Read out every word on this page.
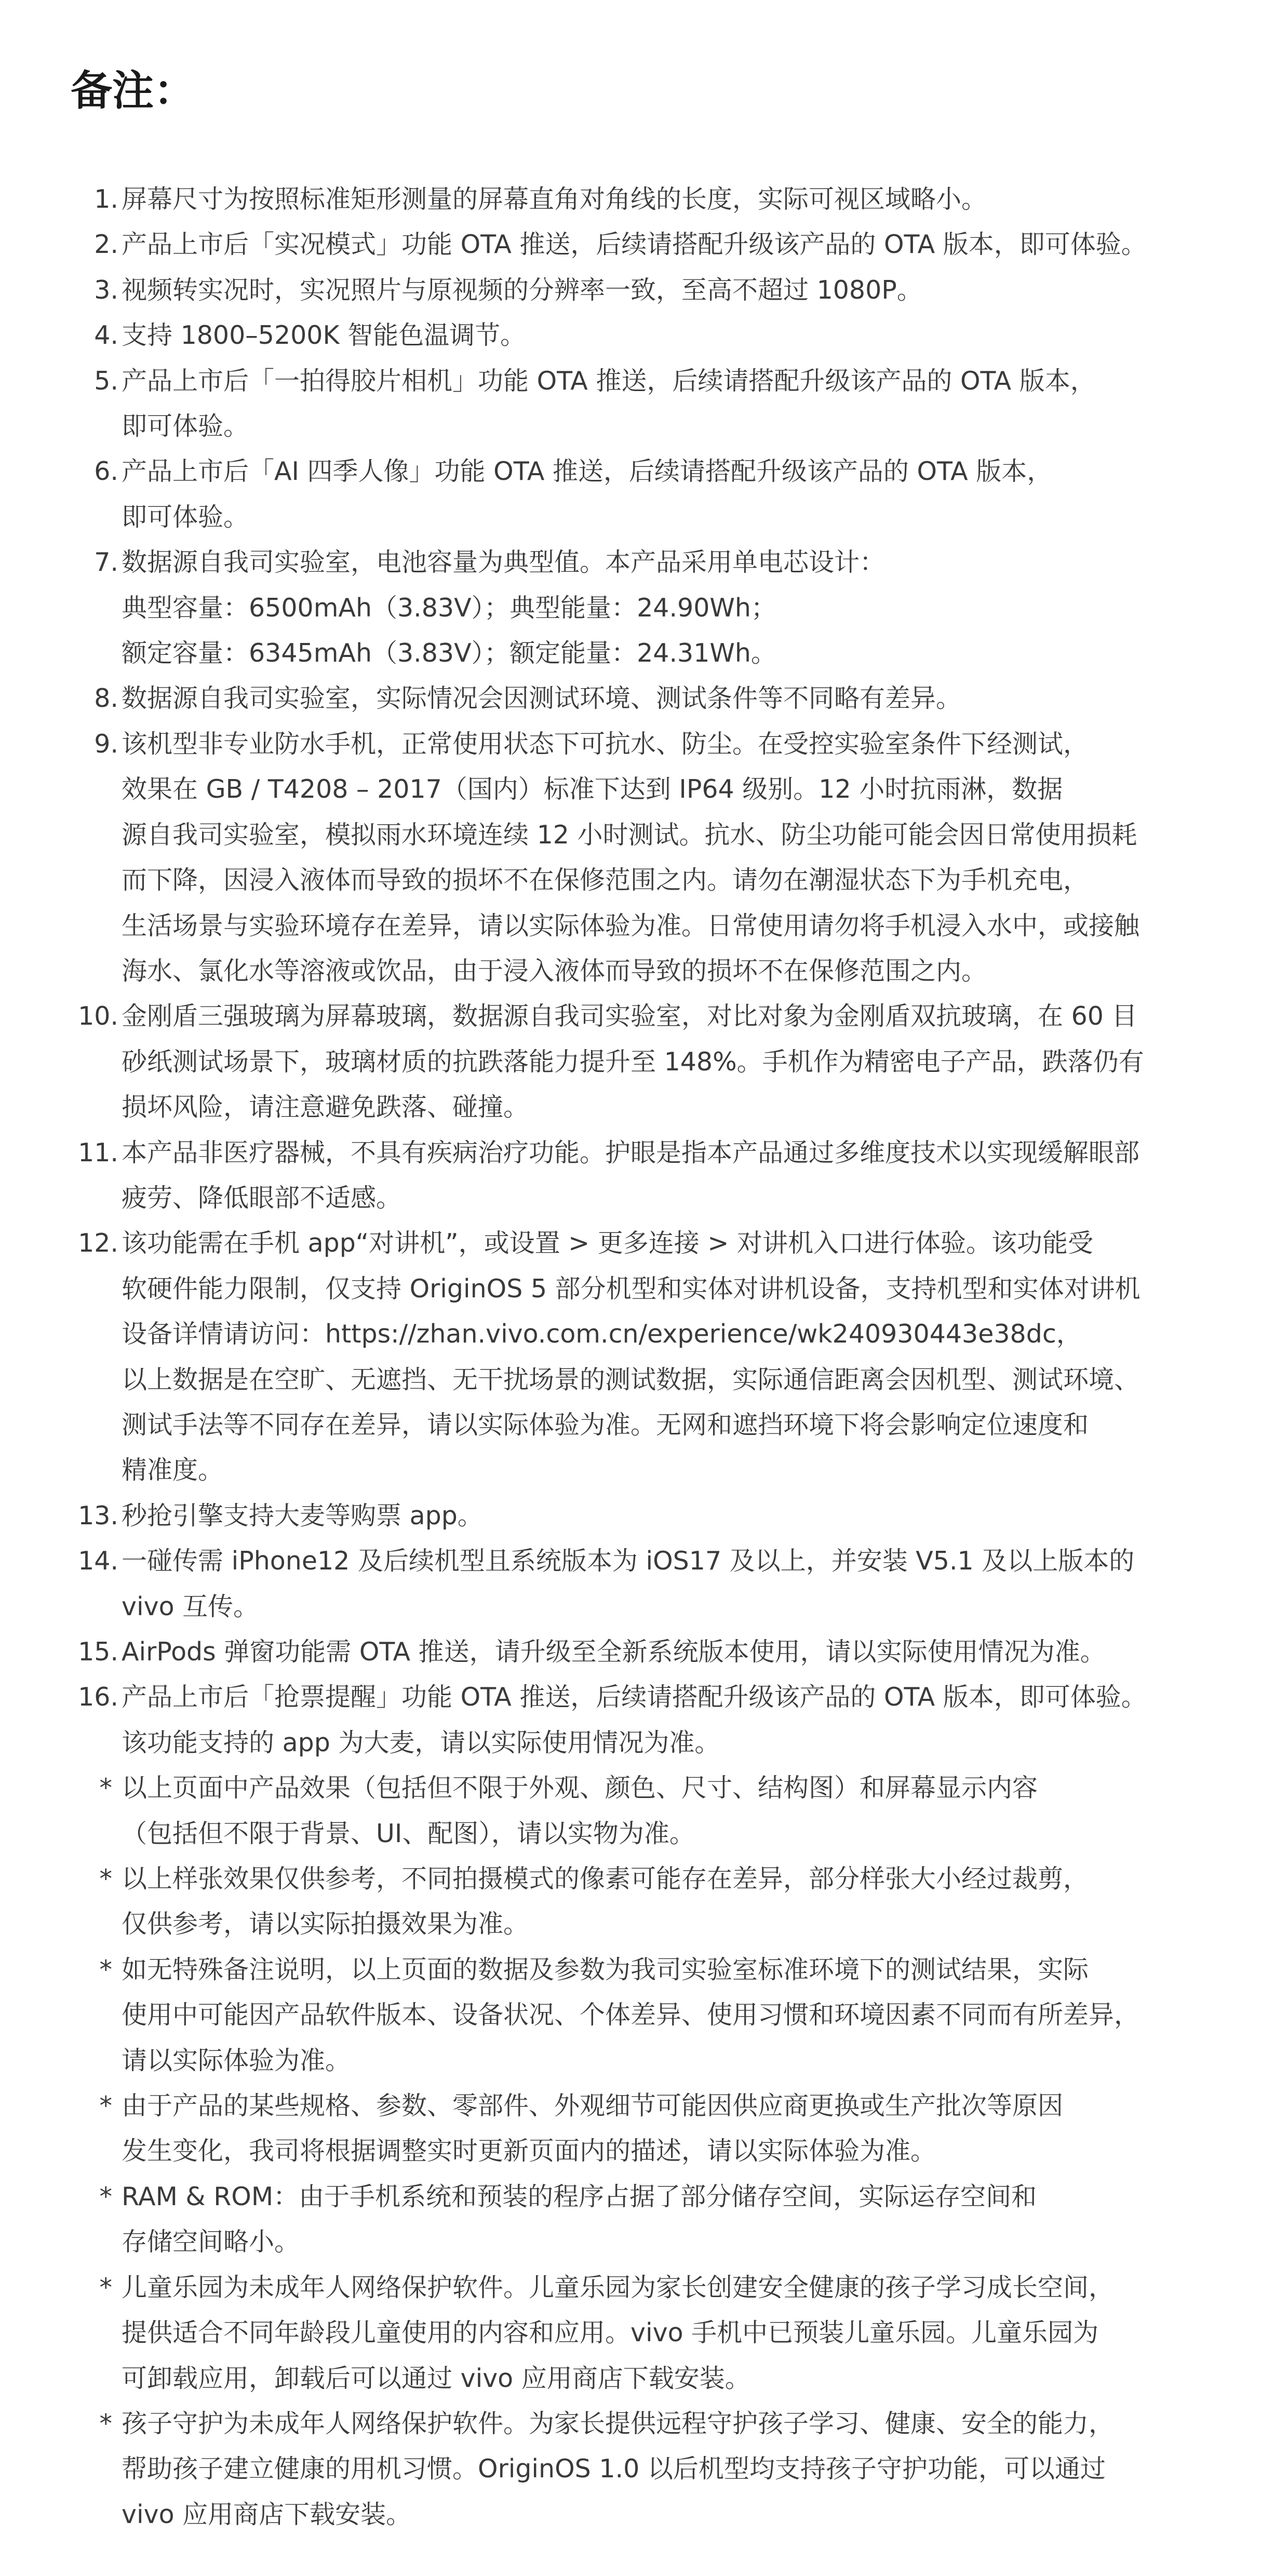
备注：
1. 屏幕尺寸为按照标准矩形测量的屏幕直角对角线的长度，实际可视区域略小。
2. 产品上市后「实况模式」功能 OTA 推送，后续请搭配升级该产品的 OTA 版本，即可体验。
3. 视频转实况时，实况照片与原视频的分辨率一致，至高不超过 1080P。
4. 支持 1800–5200K 智能色温调节。
5. 产品上市后「一拍得胶片相机」功能 OTA 推送，后续请搭配升级该产品的 OTA 版本，
即可体验。
6. 产品上市后「AI 四季人像」功能 OTA 推送，后续请搭配升级该产品的 OTA 版本，
即可体验。
7. 数据源自我司实验室，电池容量为典型值。本产品采用单电芯设计：
典型容量：6500mAh（3.83V）；典型能量：24.90Wh；
额定容量：6345mAh（3.83V）；额定能量：24.31Wh。
8. 数据源自我司实验室，实际情况会因测试环境、测试条件等不同略有差异。
9. 该机型非专业防水手机，正常使用状态下可抗水、防尘。在受控实验室条件下经测试，
效果在 GB / T4208 – 2017（国内）标准下达到 IP64 级别。12 小时抗雨淋，数据
源自我司实验室，模拟雨水环境连续 12 小时测试。抗水、防尘功能可能会因日常使用损耗
而下降，因浸入液体而导致的损坏不在保修范围之内。请勿在潮湿状态下为手机充电，
生活场景与实验环境存在差异，请以实际体验为准。日常使用请勿将手机浸入水中，或接触
海水、氯化水等溶液或饮品，由于浸入液体而导致的损坏不在保修范围之内。
10. 金刚盾三强玻璃为屏幕玻璃，数据源自我司实验室，对比对象为金刚盾双抗玻璃，在 60 目
砂纸测试场景下，玻璃材质的抗跌落能力提升至 148%。手机作为精密电子产品，跌落仍有
损坏风险，请注意避免跌落、碰撞。
11. 本产品非医疗器械，不具有疾病治疗功能。护眼是指本产品通过多维度技术以实现缓解眼部
疲劳、降低眼部不适感。
12. 该功能需在手机 app“对讲机”，或设置 > 更多连接 > 对讲机入口进行体验。该功能受
软硬件能力限制，仅支持 OriginOS 5 部分机型和实体对讲机设备，支持机型和实体对讲机
设备详情请访问：https://zhan.vivo.com.cn/experience/wk240930443e38dc，
以上数据是在空旷、无遮挡、无干扰场景的测试数据，实际通信距离会因机型、测试环境、
测试手法等不同存在差异，请以实际体验为准。无网和遮挡环境下将会影响定位速度和
精准度。
13. 秒抢引擎支持大麦等购票 app。
14. 一碰传需 iPhone12 及后续机型且系统版本为 iOS17 及以上，并安装 V5.1 及以上版本的
vivo 互传。
15. AirPods 弹窗功能需 OTA 推送，请升级至全新系统版本使用，请以实际使用情况为准。
16. 产品上市后「抢票提醒」功能 OTA 推送，后续请搭配升级该产品的 OTA 版本，即可体验。
该功能支持的 app 为大麦，请以实际使用情况为准。
* 以上页面中产品效果（包括但不限于外观、颜色、尺寸、结构图）和屏幕显示内容
（包括但不限于背景、UI、配图），请以实物为准。
* 以上样张效果仅供参考，不同拍摄模式的像素可能存在差异，部分样张大小经过裁剪，
仅供参考，请以实际拍摄效果为准。
* 如无特殊备注说明，以上页面的数据及参数为我司实验室标准环境下的测试结果，实际
使用中可能因产品软件版本、设备状况、个体差异、使用习惯和环境因素不同而有所差异，
请以实际体验为准。
* 由于产品的某些规格、参数、零部件、外观细节可能因供应商更换或生产批次等原因
发生变化，我司将根据调整实时更新页面内的描述，请以实际体验为准。
* RAM & ROM：由于手机系统和预装的程序占据了部分储存空间，实际运存空间和
存储空间略小。
* 儿童乐园为未成年人网络保护软件。儿童乐园为家长创建安全健康的孩子学习成长空间，
提供适合不同年龄段儿童使用的内容和应用。vivo 手机中已预装儿童乐园。儿童乐园为
可卸载应用，卸载后可以通过 vivo 应用商店下载安装。
* 孩子守护为未成年人网络保护软件。为家长提供远程守护孩子学习、健康、安全的能力，
帮助孩子建立健康的用机习惯。OriginOS 1.0 以后机型均支持孩子守护功能，可以通过
vivo 应用商店下载安装。
